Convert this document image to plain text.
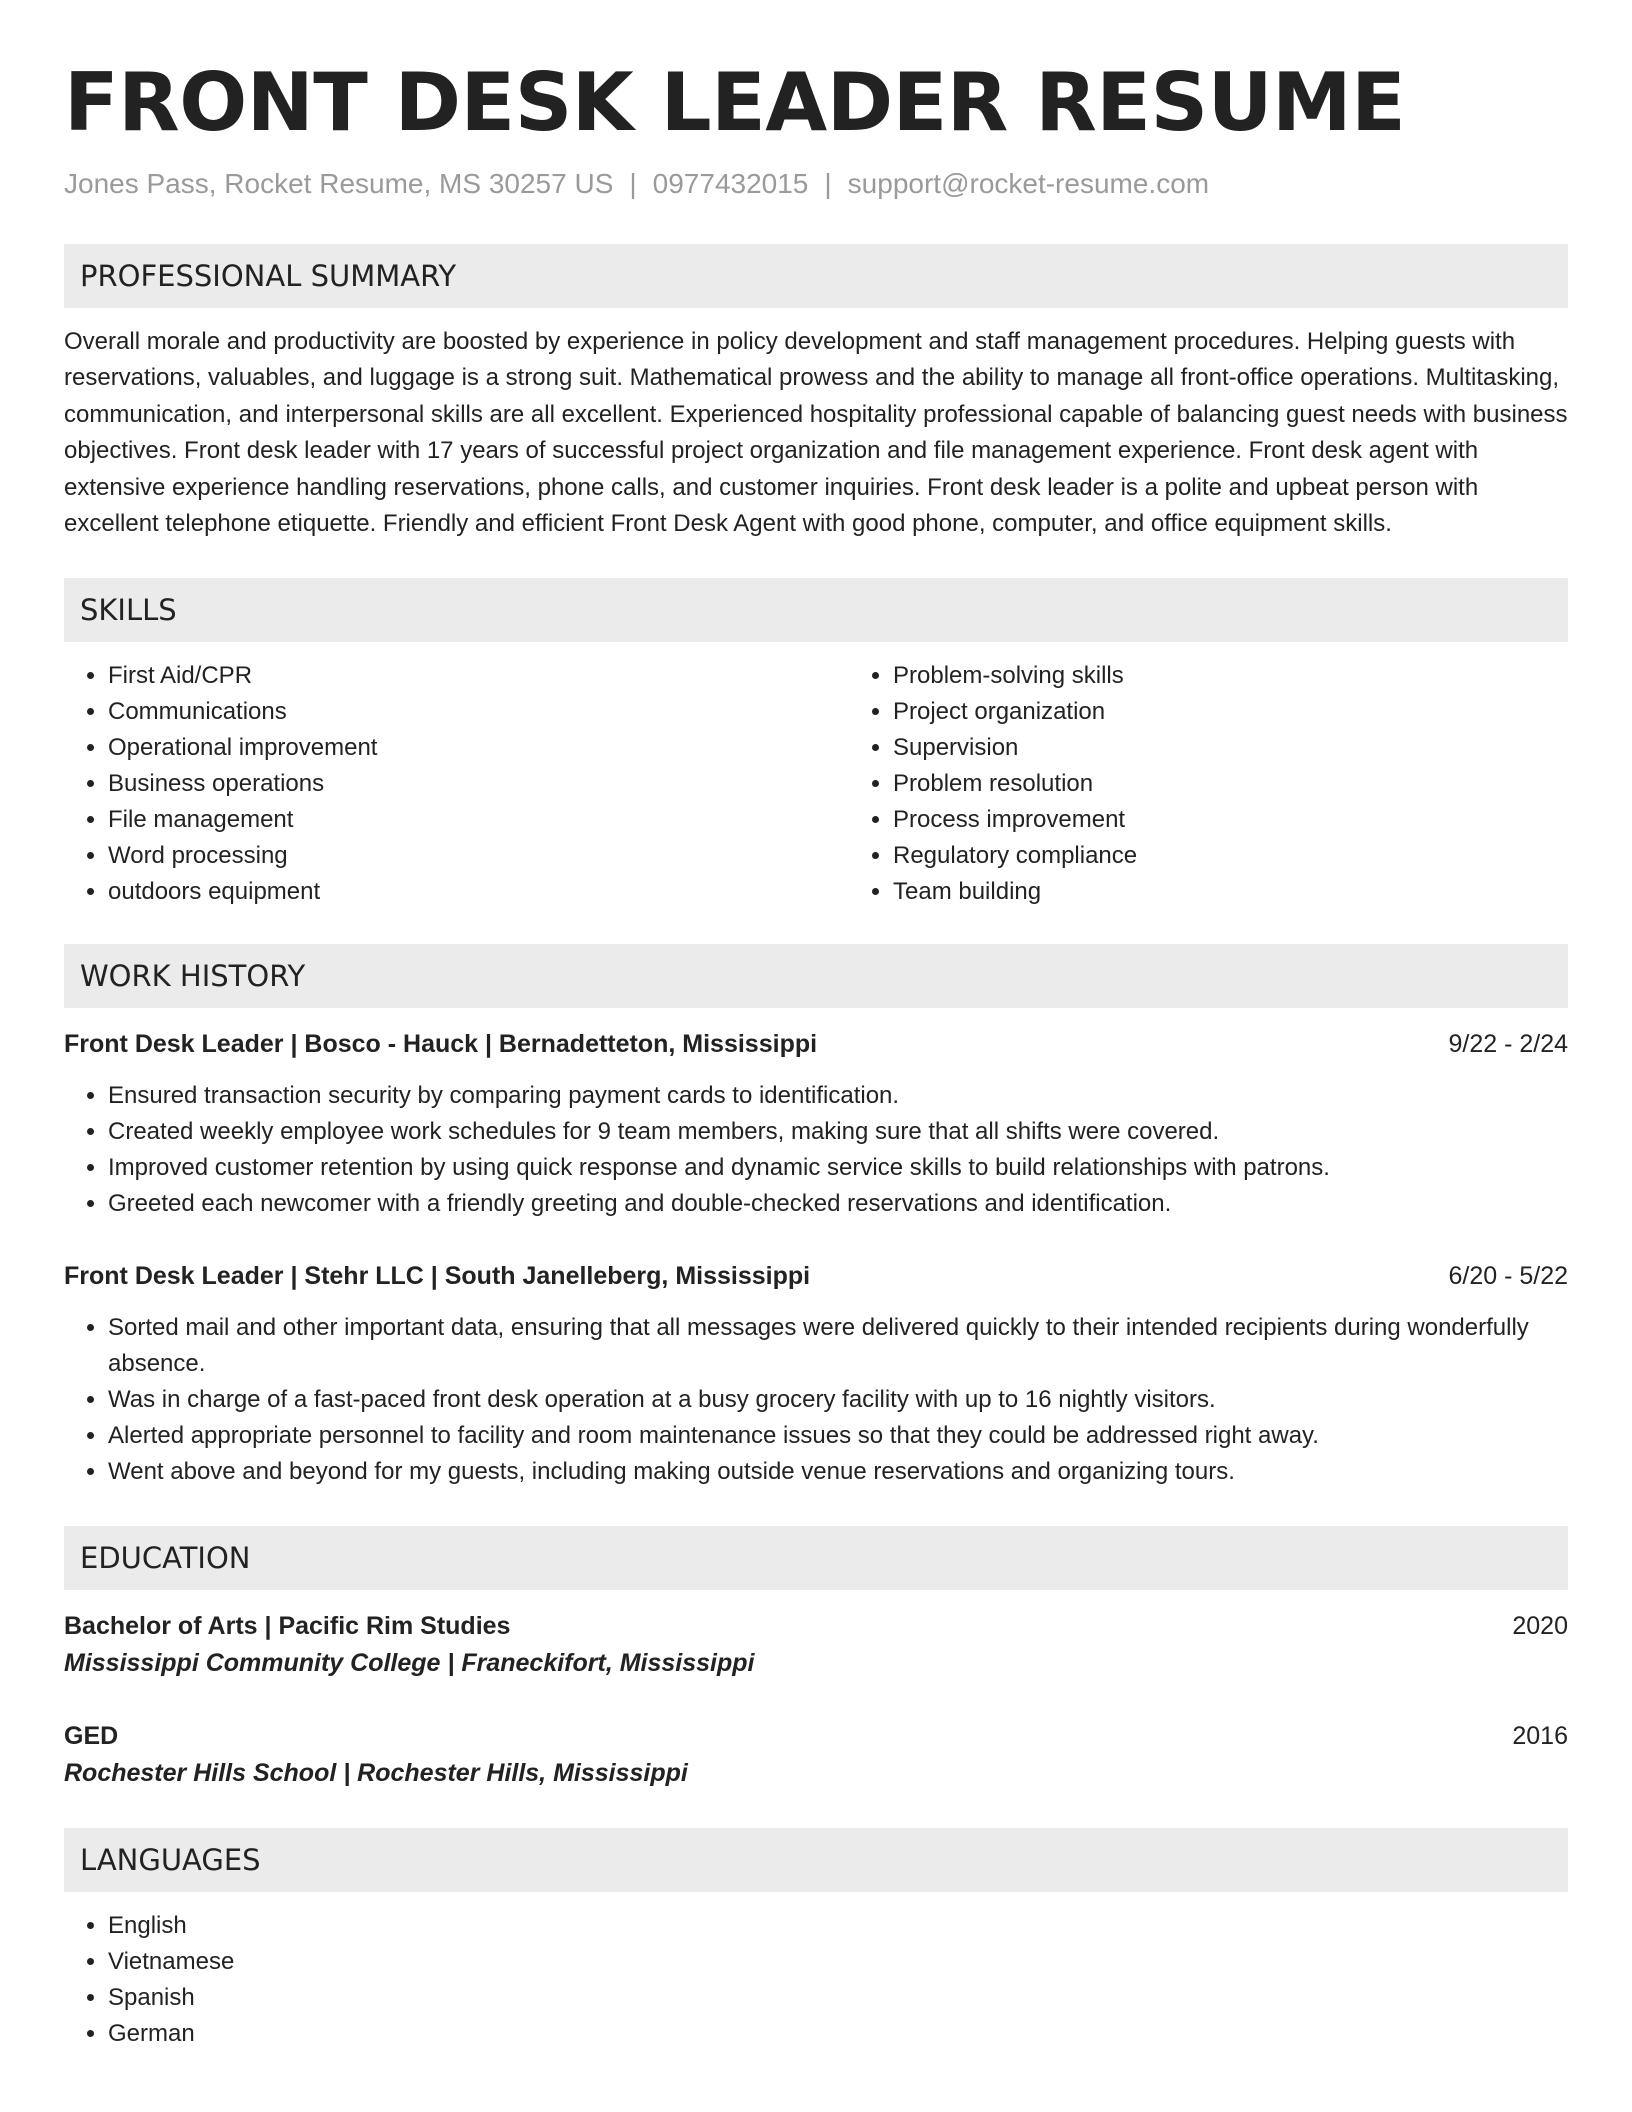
FRONT DESK LEADER RESUME
Jones Pass, Rocket Resume, MS 30257 US | 0977432015 | support@rocket-resume.com
PROFESSIONAL SUMMARY

Overall morale and productivity are boosted by experience in policy development and staff management procedures. Helping guests with reservations, valuables, and luggage is a strong suit. Mathematical prowess and the ability to manage all front-office operations. Multitasking, communication, and interpersonal skills are all excellent. Experienced hospitality professional capable of balancing guest needs with business objectives. Front desk leader with 17 years of successful project organization and file management experience. Front desk agent with extensive experience handling reservations, phone calls, and customer inquiries. Front desk leader is a polite and upbeat person with excellent telephone etiquette. Friendly and efficient Front Desk Agent with good phone, computer, and office equipment skills.

SKILLS
• First Aid/CPR
• Communications
• Operational improvement
• Business operations
• File management
• Word processing
• outdoors equipment
• Problem-solving skills
• Project organization
• Supervision
• Problem resolution
• Process improvement
• Regulatory compliance
• Team building
WORK HISTORY
Front Desk Leader | Bosco - Hauck | Bernadetteton, Mississippi	9/22 - 2/24
• Ensured transaction security by comparing payment cards to identification.
• Created weekly employee work schedules for 9 team members, making sure that all shifts were covered.
• Improved customer retention by using quick response and dynamic service skills to build relationships with patrons.
• Greeted each newcomer with a friendly greeting and double-checked reservations and identification.
Front Desk Leader | Stehr LLC | South Janelleberg, Mississippi	6/20 - 5/22
• Sorted mail and other important data, ensuring that all messages were delivered quickly to their intended recipients during wonderfully absence.
• Was in charge of a fast-paced front desk operation at a busy grocery facility with up to 16 nightly visitors.
• Alerted appropriate personnel to facility and room maintenance issues so that they could be addressed right away.
• Went above and beyond for my guests, including making outside venue reservations and organizing tours.
EDUCATION
Bachelor of Arts | Pacific Rim Studies	2020
Mississippi Community College | Franeckifort, Mississippi
GED	2016
Rochester Hills School | Rochester Hills, Mississippi
LANGUAGES
• English
• Vietnamese
• Spanish
• German
